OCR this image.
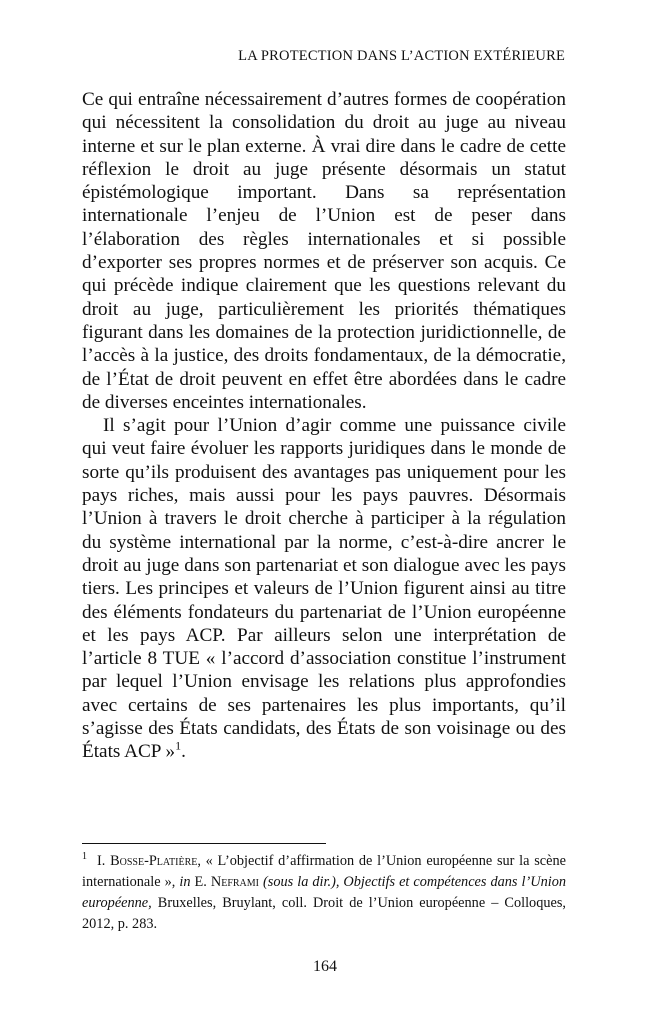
LA PROTECTION DANS L’ACTION EXTÉRIEURE

Ce qui entraîne nécessairement d’autres formes de coopération qui nécessitent la consolidation du droit au juge au niveau interne et sur le plan externe. À vrai dire dans le cadre de cette réflexion le droit au juge présente désormais un statut épistémologique important. Dans sa représentation internationale l’enjeu de l’Union est de peser dans l’élaboration des règles internationales et si possible d’exporter ses propres normes et de préserver son acquis. Ce qui précède indique clairement que les questions relevant du droit au juge, particulièrement les priorités thématiques figurant dans les domaines de la protection juridictionnelle, de l’accès à la justice, des droits fondamentaux, de la démocratie, de l’État de droit peuvent en effet être abordées dans le cadre de diverses enceintes internationales.

Il s’agit pour l’Union d’agir comme une puissance civile qui veut faire évoluer les rapports juridiques dans le monde de sorte qu’ils produisent des avantages pas uniquement pour les pays riches, mais aussi pour les pays pauvres. Désormais l’Union à travers le droit cherche à participer à la régulation du système international par la norme, c’est-à-dire ancrer le droit au juge dans son partenariat et son dialogue avec les pays tiers. Les principes et valeurs de l’Union figurent ainsi au titre des éléments fondateurs du partenariat de l’Union européenne et les pays ACP. Par ailleurs selon une interprétation de l’article 8 TUE « l’accord d’association constitue l’instrument par lequel l’Union envisage les relations plus approfondies avec certains de ses partenaires les plus importants, qu’il s’agisse des États candidats, des États de son voisinage ou des États ACP »$^1$.

$^1$ I. Bosse-Platière, « L’objectif d’affirmation de l’Union européenne sur la scène internationale », in E. Neframi (sous la dir.), Objectifs et compétences dans l’Union européenne, Bruxelles, Bruylant, coll. Droit de l’Union européenne – Colloques, 2012, p. 283.

164
